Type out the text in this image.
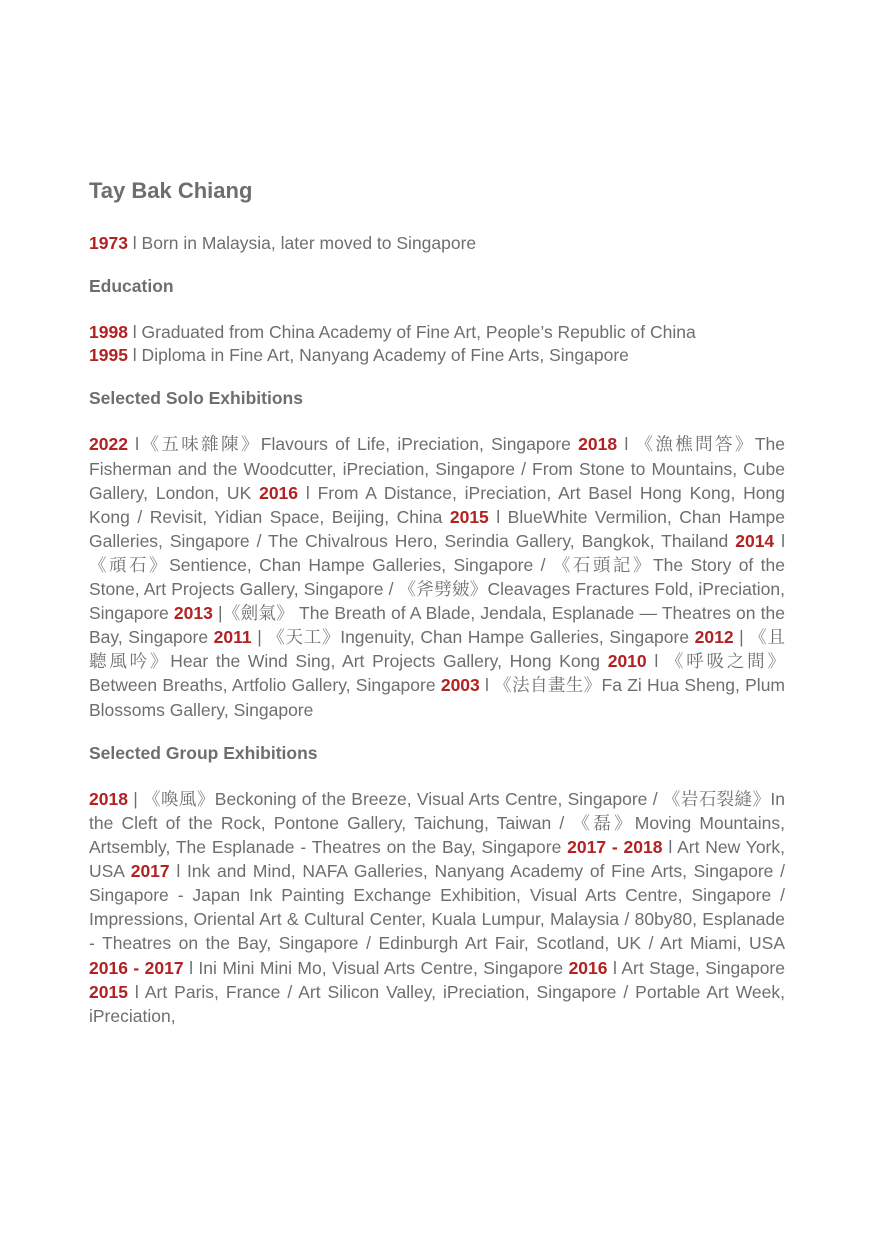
Tay Bak Chiang

1973 l Born in Malaysia, later moved to Singapore

Education

1998 l Graduated from China Academy of Fine Art, People’s Republic of China

1995 l Diploma in Fine Art, Nanyang Academy of Fine Arts, Singapore

Selected Solo Exhibitions

2022 l《五味雜陳》Flavours of Life, iPreciation, Singapore 2018 l 《漁樵問答》The Fisherman and the Woodcutter, iPreciation, Singapore / From Stone to Mountains, Cube Gallery, London, UK 2016 l From A Distance, iPreciation, Art Basel Hong Kong, Hong Kong / Revisit, Yidian Space, Beijing, China 2015 l BlueWhite Vermilion, Chan Hampe Galleries, Singapore / The Chivalrous Hero, Serindia Gallery, Bangkok, Thailand 2014 l 《頑石》Sentience, Chan Hampe Galleries, Singapore / 《石頭記》The Story of the Stone, Art Projects Gallery, Singapore / 《斧劈皴》Cleavages Fractures Fold, iPreciation, Singapore 2013 |《劍氣》 The Breath of A Blade, Jendala, Esplanade — Theatres on the Bay, Singapore 2011 | 《天工》Ingenuity, Chan Hampe Galleries, Singapore 2012 | 《且聽風吟》Hear the Wind Sing, Art Projects Gallery, Hong Kong 2010 l 《呼吸之間》Between Breaths, Artfolio Gallery, Singapore 2003 l 《法自畫生》Fa Zi Hua Sheng, Plum Blossoms Gallery, Singapore

Selected Group Exhibitions

2018 | 《喚風》Beckoning of the Breeze, Visual Arts Centre, Singapore / 《岩石裂縫》In the Cleft of the Rock, Pontone Gallery, Taichung, Taiwan / 《磊》Moving Mountains, Artsembly, The Esplanade - Theatres on the Bay, Singapore 2017 - 2018 l Art New York, USA 2017 l Ink and Mind, NAFA Galleries, Nanyang Academy of Fine Arts, Singapore / Singapore - Japan Ink Painting Exchange Exhibition, Visual Arts Centre, Singapore / Impressions, Oriental Art & Cultural Center, Kuala Lumpur, Malaysia / 80by80, Esplanade - Theatres on the Bay, Singapore / Edinburgh Art Fair, Scotland, UK / Art Miami, USA 2016 - 2017 l Ini Mini Mini Mo, Visual Arts Centre, Singapore 2016 l Art Stage, Singapore 2015 l Art Paris, France / Art Silicon Valley, iPreciation, Singapore / Portable Art Week, iPreciation,
